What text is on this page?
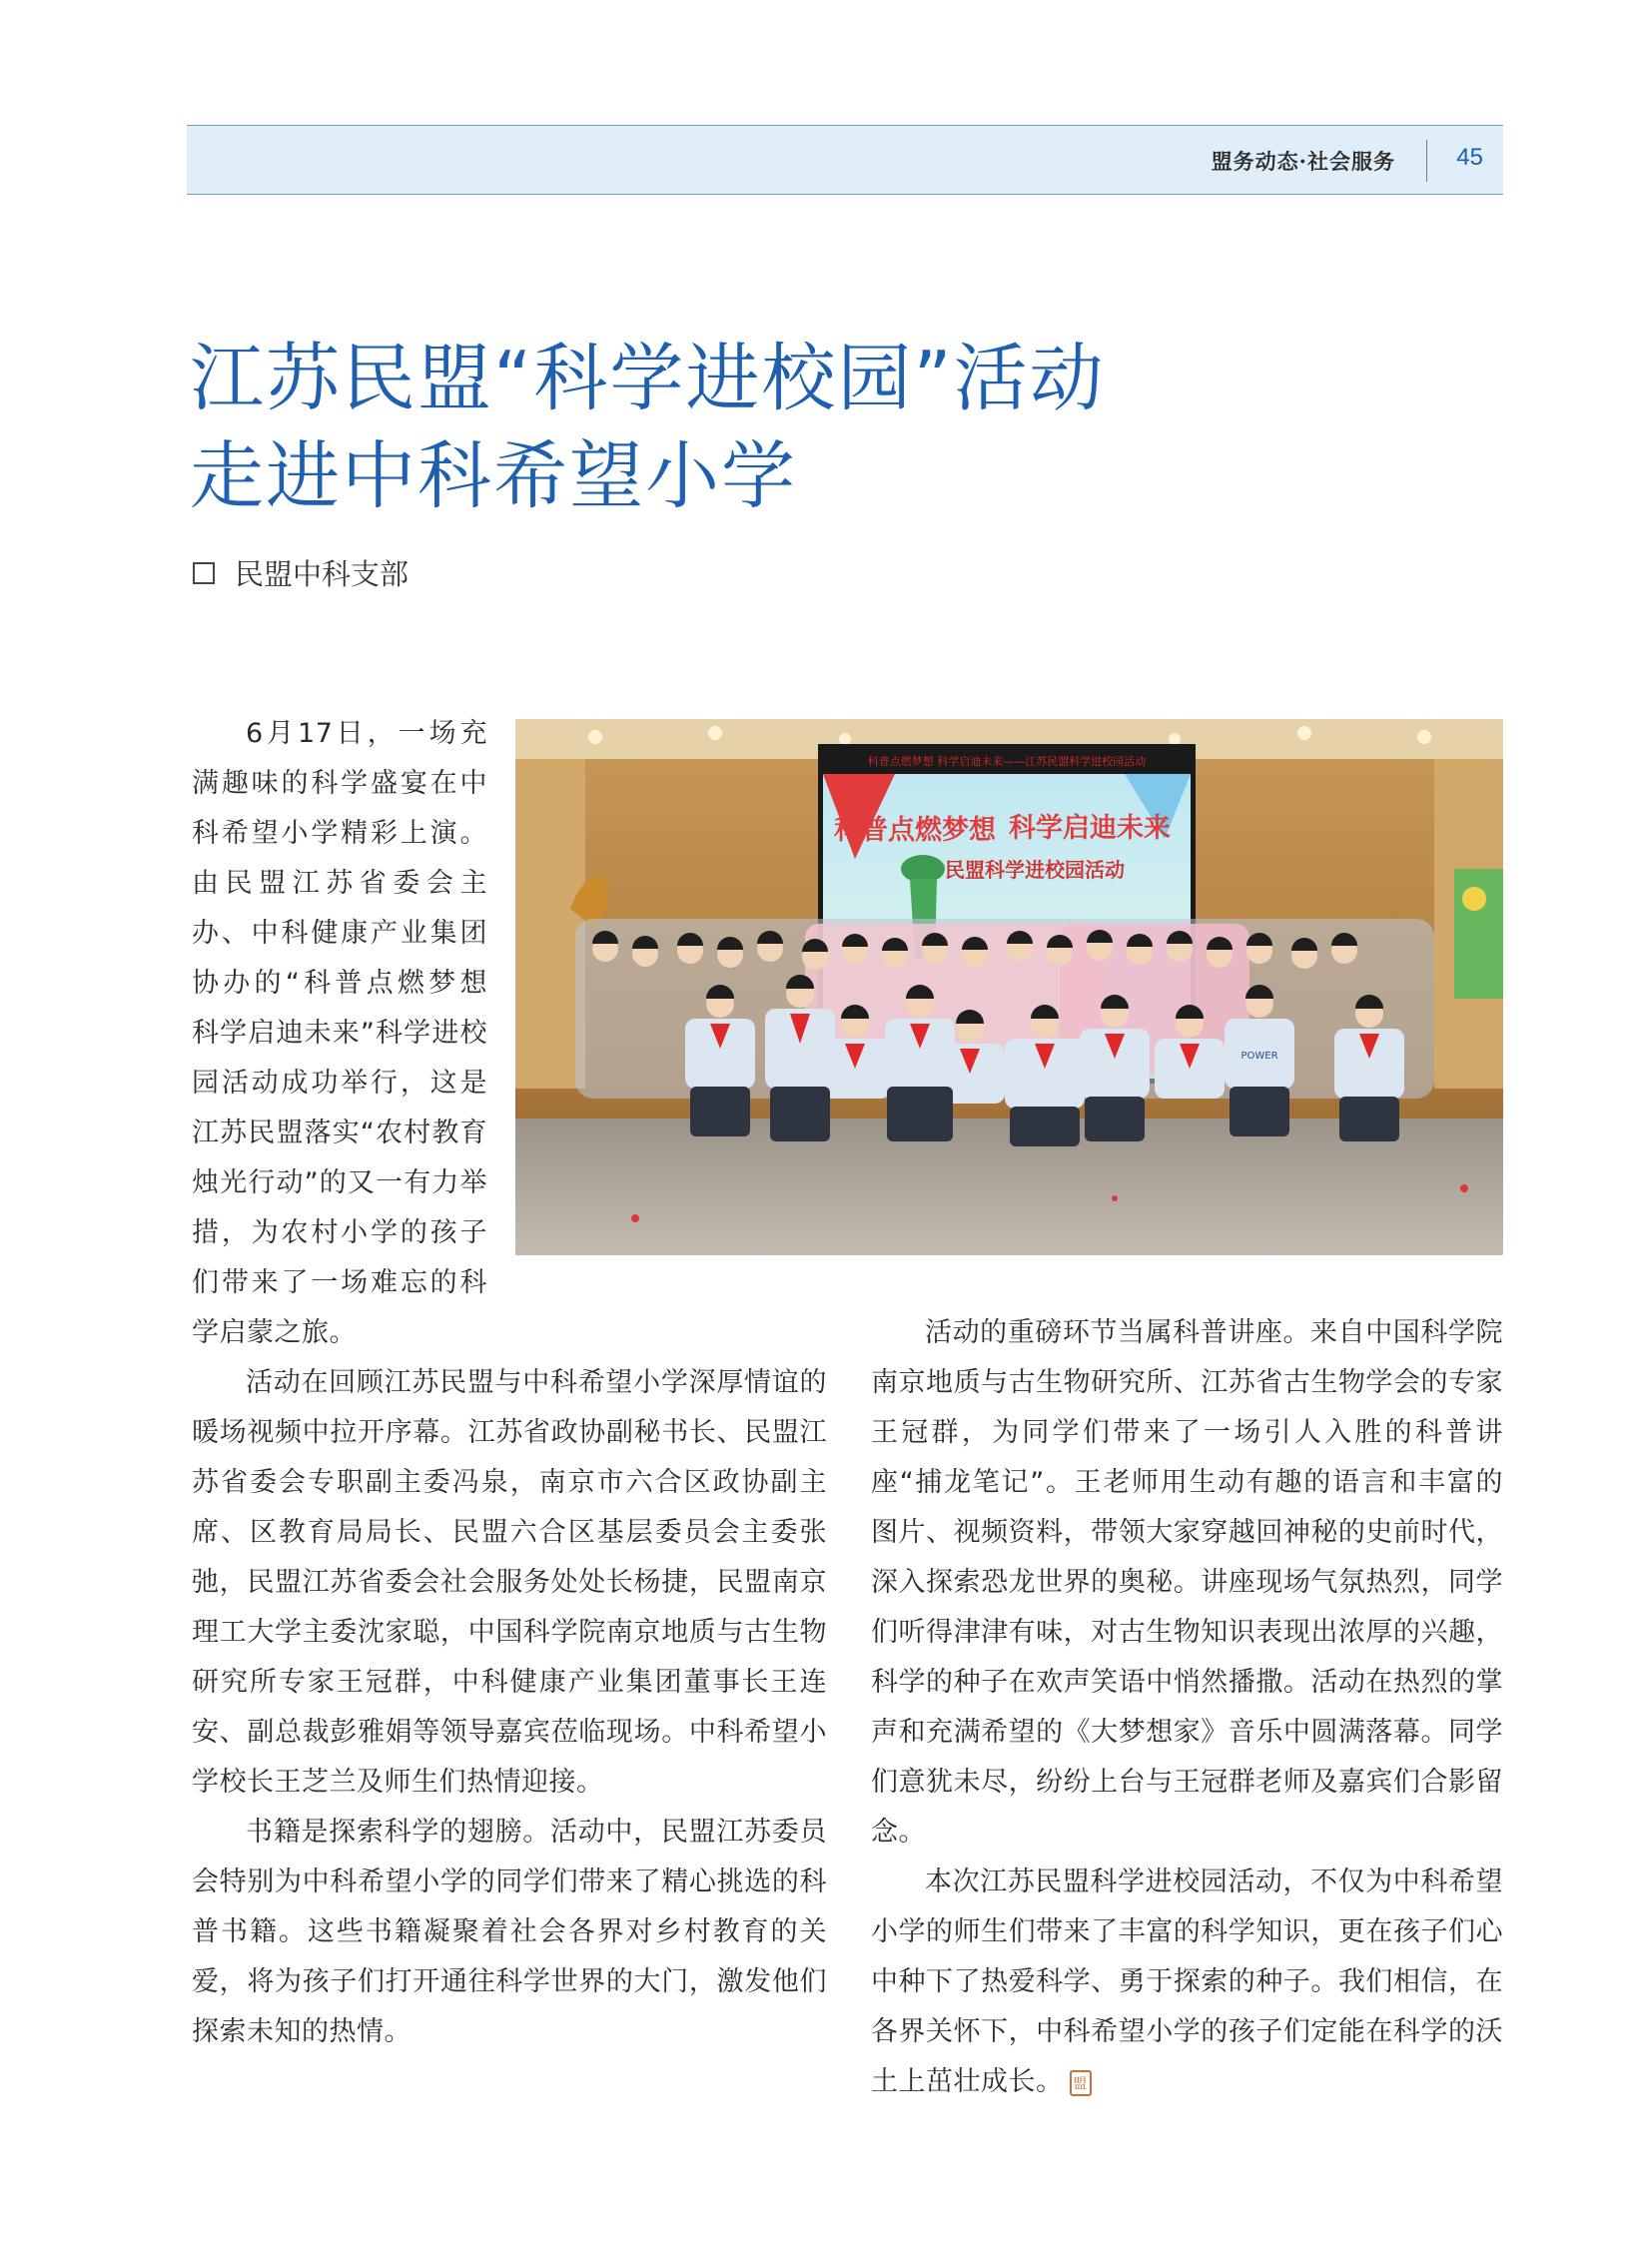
盟务动态·社会服务	45
江苏民盟“科学进校园”活动
走进中科希望小学
民盟中科支部

6月17日，一场充满趣味的科学盛宴在中科希望小学精彩上演。由民盟江苏省委会主办、中科健康产业集团协办的“科普点燃梦想 科学启迪未来”科学进校园活动成功举行，这是江苏民盟落实“农村教育烛光行动”的又一有力举措，为农村小学的孩子们带来了一场难忘的科学启蒙之旅。

科普点燃梦想 科学启迪未来——江苏民盟科学进校园活动
科普点燃梦想 科学启迪未来
民盟科学进校园活动
POWER

活动在回顾江苏民盟与中科希望小学深厚情谊的暖场视频中拉开序幕。江苏省政协副秘书长、民盟江苏省委会专职副主委冯泉，南京市六合区政协副主席、区教育局局长、民盟六合区基层委员会主委张弛，民盟江苏省委会社会服务处处长杨捷，民盟南京理工大学主委沈家聪，中国科学院南京地质与古生物研究所专家王冠群，中科健康产业集团董事长王连安、副总裁彭雅娟等领导嘉宾莅临现场。中科希望小学校长王芝兰及师生们热情迎接。

书籍是探索科学的翅膀。活动中，民盟江苏委员会特别为中科希望小学的同学们带来了精心挑选的科普书籍。这些书籍凝聚着社会各界对乡村教育的关爱，将为孩子们打开通往科学世界的大门，激发他们探索未知的热情。

活动的重磅环节当属科普讲座。来自中国科学院南京地质与古生物研究所、江苏省古生物学会的专家王冠群，为同学们带来了一场引人入胜的科普讲座“捕龙笔记”。王老师用生动有趣的语言和丰富的图片、视频资料，带领大家穿越回神秘的史前时代，深入探索恐龙世界的奥秘。讲座现场气氛热烈，同学们听得津津有味，对古生物知识表现出浓厚的兴趣，科学的种子在欢声笑语中悄然播撒。活动在热烈的掌声和充满希望的《大梦想家》音乐中圆满落幕。同学们意犹未尽，纷纷上台与王冠群老师及嘉宾们合影留念。

本次江苏民盟科学进校园活动，不仅为中科希望小学的师生们带来了丰富的科学知识，更在孩子们心中种下了热爱科学、勇于探索的种子。我们相信，在各界关怀下，中科希望小学的孩子们定能在科学的沃土上茁壮成长。 盟
